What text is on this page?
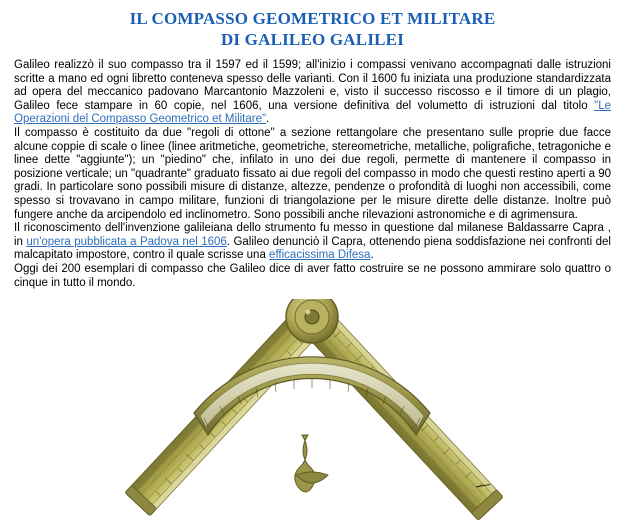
IL COMPASSO GEOMETRICO ET MILITARE
DI GALILEO GALILEI

Galileo realizzò il suo compasso tra il 1597 ed il 1599; all'inizio i compassi venivano accompagnati dalle istruzioni scritte a mano ed ogni libretto conteneva spesso delle varianti. Con il 1600 fu iniziata una produzione standardizzata ad opera del meccanico padovano Marcantonio Mazzoleni e, visto il successo riscosso e il timore di un plagio, Galileo fece stampare in 60 copie, nel 1606, una versione definitiva del volumetto di istruzioni dal titolo "Le Operazioni del Compasso Geometrico et Militare".

Il compasso è costituito da due "regoli di ottone" a sezione rettangolare che presentano sulle proprie due facce alcune coppie di scale o linee (linee aritmetiche, geometriche, stereometriche, metalliche, poligrafiche, tetragoniche e linee dette "aggiunte"); un "piedino" che, infilato in uno dei due regoli, permette di mantenere il compasso in posizione verticale; un "quadrante" graduato fissato ai due regoli del compasso in modo che questi restino aperti a 90 gradi. In particolare sono possibili misure di distanze, altezze, pendenze o profondità di luoghi non accessibili, come spesso si trovavano in campo militare, funzioni di triangolazione per le misure dirette delle distanze. Inoltre può fungere anche da arcipendolo ed inclinometro. Sono possibili anche rilevazioni astronomiche e di agrimensura.

Il riconoscimento dell'invenzione galileiana dello strumento fu messo in questione dal milanese Baldassarre Capra , in un'opera pubblicata a Padova nel 1606. Galileo denunciò il Capra, ottenendo piena soddisfazione nei confronti del malcapitato impostore, contro il quale scrisse una efficacissima Difesa.

Oggi dei 200 esemplari di compasso che Galileo dice di aver fatto costruire se ne possono ammirare solo quattro o cinque in tutto il mondo.
